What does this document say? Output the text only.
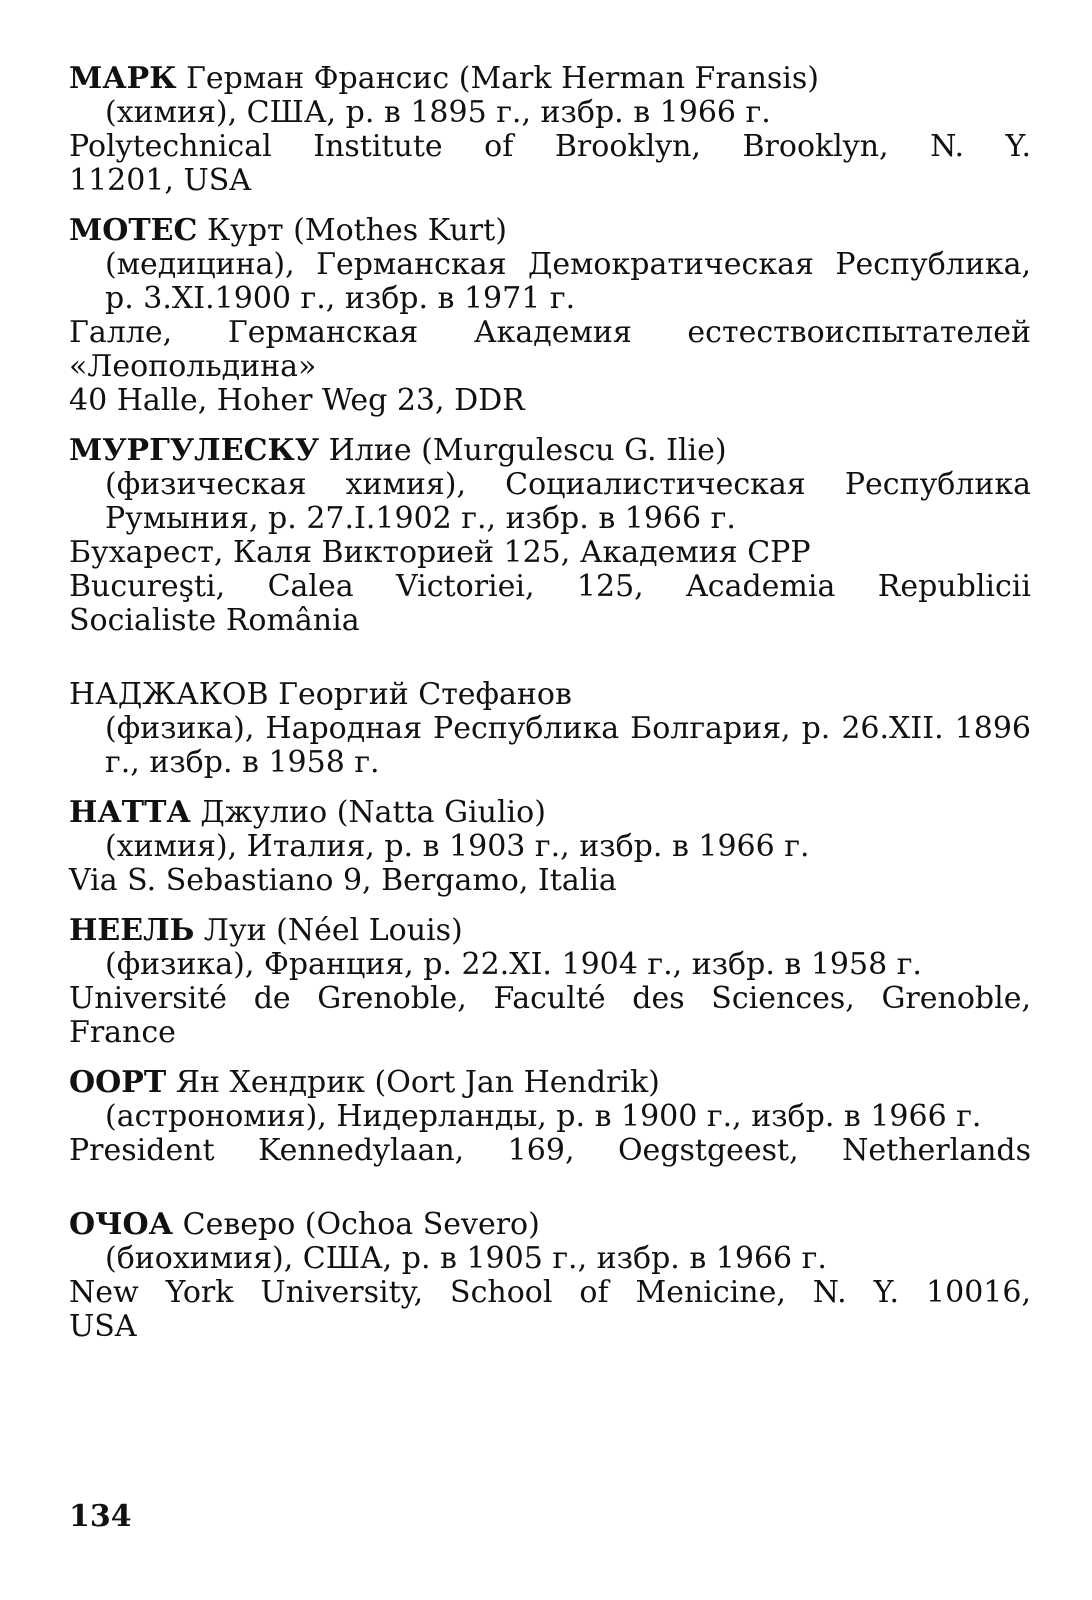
МАРК Герман Франсис (Mark Herman Fransis)
(химия), США, р. в 1895 г., избр. в 1966 г.
Polytechnical Institute of Brooklyn, Brooklyn, N. Y.
11201, USA
МОТЕС Курт (Mothes Kurt)
(медицина), Германская Демократическая Республика, р. 3.XI.1900 г., избр. в 1971 г.
Галле, Германская Академия естествоиспытателей «Леопольдина»
40 Halle, Hoher Weg 23, DDR
МУРГУЛЕСКУ Илие (Murgulescu G. Ilie)
(физическая химия), Социалистическая Республика Румыния, р. 27.I.1902 г., избр. в 1966 г.
Бухарест, Каля Викторией 125, Академия СРР
Bucureşti, Calea Victoriei, 125, Academia Republicii
Socialiste România
НАДЖАКОВ Георгий Стефанов
(физика), Народная Республика Болгария, р. 26.XII. 1896 г., избр. в 1958 г.
НАТТА Джулио (Natta Giulio)
(химия), Италия, р. в 1903 г., избр. в 1966 г.
Via S. Sebastiano 9, Bergamo, Italia
НЕЕЛЬ Луи (Néel Louis)
(физика), Франция, р. 22.XI. 1904 г., избр. в 1958 г.
Université de Grenoble, Faculté des Sciences, Grenoble,
France
ООРТ Ян Хендрик (Oort Jan Hendrik)
(астрономия), Нидерланды, р. в 1900 г., избр. в 1966 г.
President Kennedylaan, 169, Oegstgeest, Netherlands
ОЧОА Северо (Ochoa Severo)
(биохимия), США, р. в 1905 г., избр. в 1966 г.
New York University, School of Menicine, N. Y. 10016,
USA
134
